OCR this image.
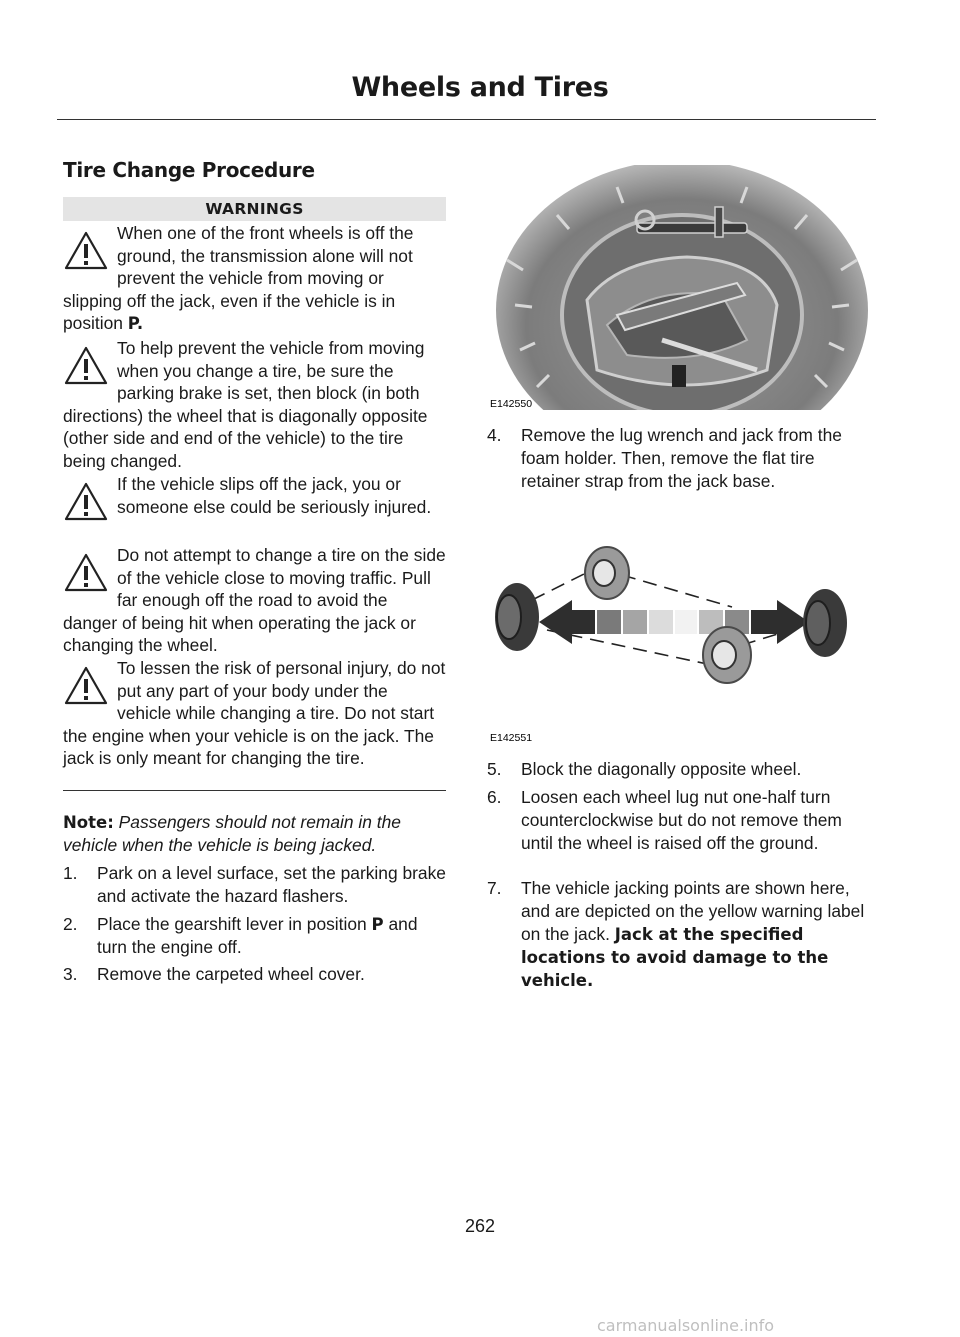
Wheels and Tires
Tire Change Procedure
WARNINGS
When one of the front wheels is off the ground, the transmission alone will not prevent the vehicle from moving or slipping off the jack, even if the vehicle is in position P.
To help prevent the vehicle from moving when you change a tire, be sure the parking brake is set, then block (in both directions) the wheel that is diagonally opposite (other side and end of the vehicle) to the tire being changed.
If the vehicle slips off the jack, you or someone else could be seriously injured.
Do not attempt to change a tire on the side of the vehicle close to moving traffic. Pull far enough off the road to avoid the danger of being hit when operating the jack or changing the wheel.
To lessen the risk of personal injury, do not put any part of your body under the vehicle while changing a tire. Do not start the engine when your vehicle is on the jack. The jack is only meant for changing the tire.
Note: Passengers should not remain in the vehicle when the vehicle is being jacked.
1. Park on a level surface, set the parking brake and activate the hazard flashers.
2. Place the gearshift lever in position P and turn the engine off.
3. Remove the carpeted wheel cover.
E142550
4. Remove the lug wrench and jack from the foam holder. Then, remove the flat tire retainer strap from the jack base.
E142551
5. Block the diagonally opposite wheel.
6. Loosen each wheel lug nut one-half turn counterclockwise but do not remove them until the wheel is raised off the ground.
7. The vehicle jacking points are shown here, and are depicted on the yellow warning label on the jack. Jack at the specified locations to avoid damage to the vehicle.
262
carmanualsonline.info
